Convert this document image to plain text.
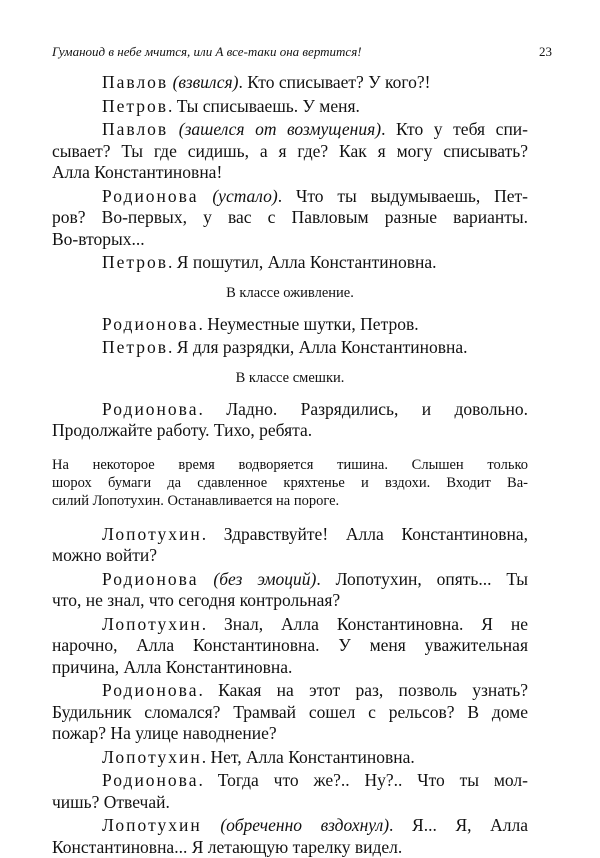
Гуманоид в небе мчится, или А все-таки она вертится!	23
Павлов (взвился). Кто списывает? У кого?!
Петров. Ты списываешь. У меня.
Павлов (зашелся от возмущения). Кто у тебя спи-
сывает? Ты где сидишь, а я где? Как я могу списывать?
Алла Константиновна!
Родионова (устало). Что ты выдумываешь, Пет-
ров? Во-первых, у вас с Павловым разные варианты.
Во-вторых...
Петров. Я пошутил, Алла Константиновна.
В классе оживление.
Родионова. Неуместные шутки, Петров.
Петров. Я для разрядки, Алла Константиновна.
В классе смешки.
Родионова. Ладно. Разрядились, и довольно.
Продолжайте работу. Тихо, ребята.
На некоторое время водворяется тишина. Слышен только
шорох бумаги да сдавленное кряхтенье и вздохи. Входит Ва-
силий Лопотухин. Останавливается на пороге.
Лопотухин. Здравствуйте! Алла Константиновна,
можно войти?
Родионова (без эмоций). Лопотухин, опять... Ты
что, не знал, что сегодня контрольная?
Лопотухин. Знал, Алла Константиновна. Я не
нарочно, Алла Константиновна. У меня уважительная
причина, Алла Константиновна.
Родионова. Какая на этот раз, позволь узнать?
Будильник сломался? Трамвай сошел с рельсов? В доме
пожар? На улице наводнение?
Лопотухин. Нет, Алла Константиновна.
Родионова. Тогда что же?.. Ну?.. Что ты мол-
чишь? Отвечай.
Лопотухин (обреченно вздохнул). Я... Я, Алла
Константиновна... Я летающую тарелку видел.
